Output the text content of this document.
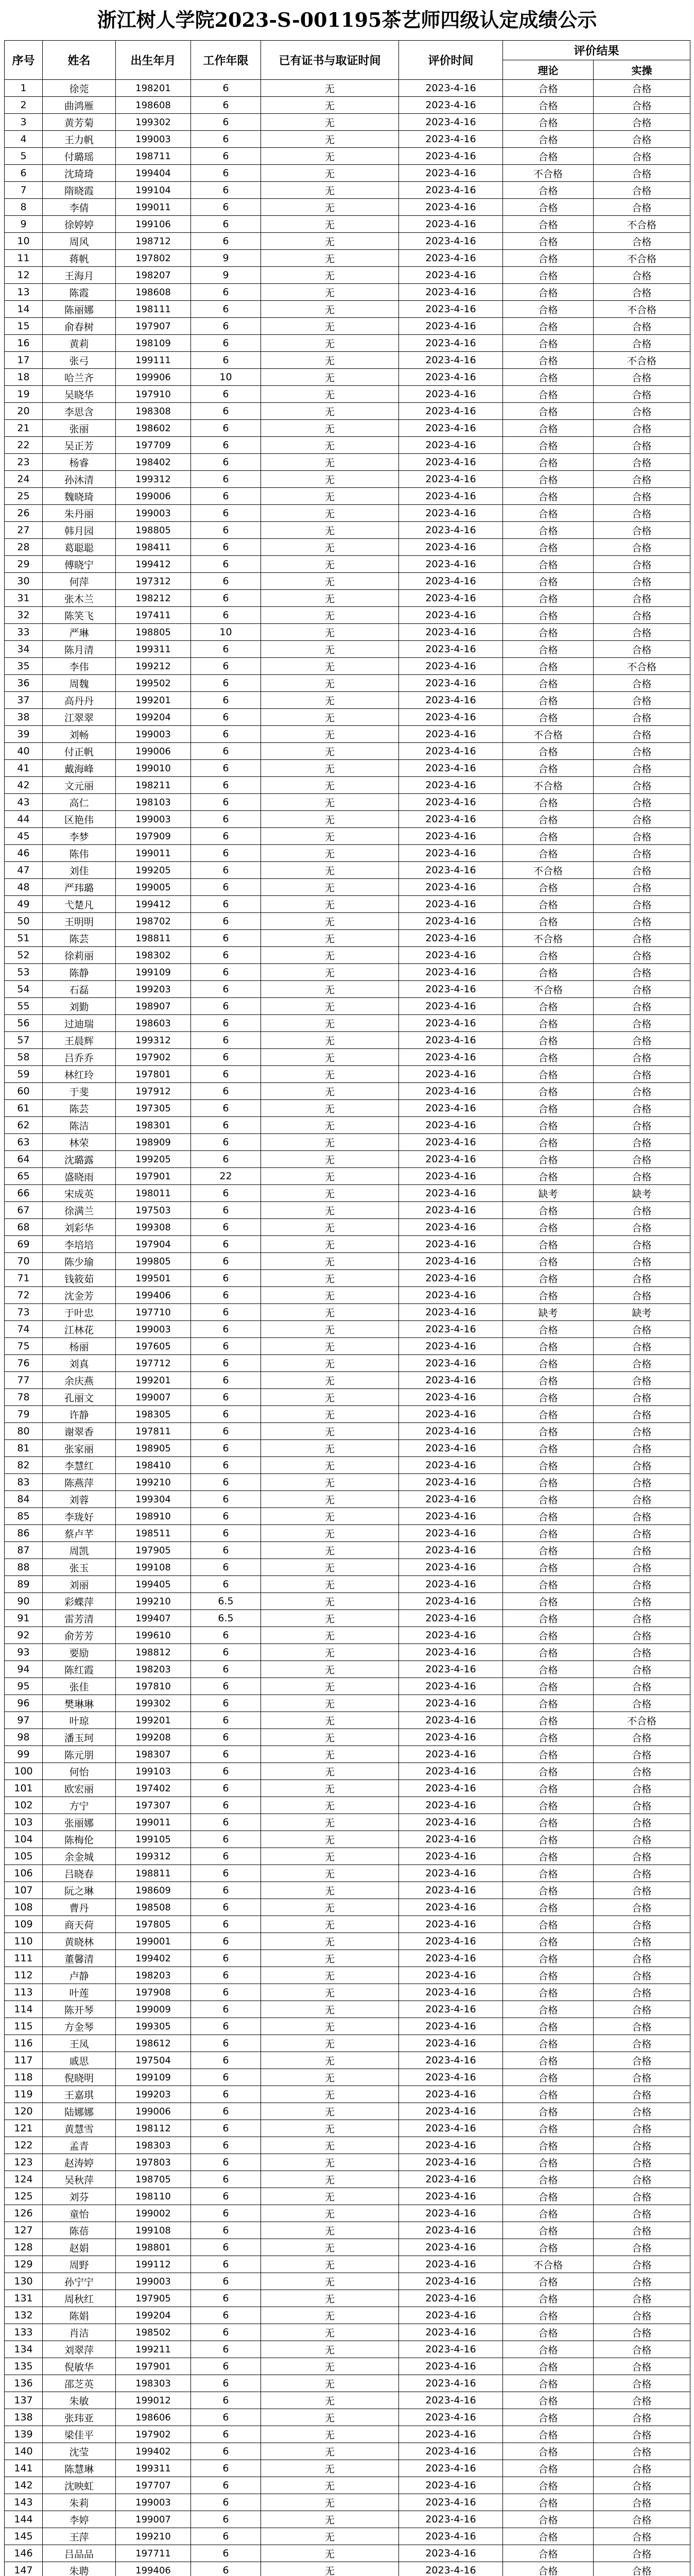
浙江树人学院2023-S-001195茶艺师四级认定成绩公示
序号	姓名	出生年月	工作年限	已有证书与取证时间	评价时间	评价结果	
						理论	实操
1	徐莞	198201	6	无	2023-4-16	合格	合格
2	曲鸿雁	198608	6	无	2023-4-16	合格	合格
3	黄芳菊	199302	6	无	2023-4-16	合格	合格
4	王力帆	199003	6	无	2023-4-16	合格	合格
5	付璐瑶	198711	6	无	2023-4-16	合格	合格
6	沈琦琦	199404	6	无	2023-4-16	不合格	合格
7	隋晓霞	199104	6	无	2023-4-16	合格	合格
8	李倩	199011	6	无	2023-4-16	合格	合格
9	徐婷婷	199106	6	无	2023-4-16	合格	不合格
10	周风	198712	6	无	2023-4-16	合格	合格
11	蒋帆	197802	9	无	2023-4-16	合格	不合格
12	王海月	198207	9	无	2023-4-16	合格	合格
13	陈霞	198608	6	无	2023-4-16	合格	合格
14	陈丽娜	198111	6	无	2023-4-16	合格	不合格
15	俞春树	197907	6	无	2023-4-16	合格	合格
16	黄莉	198109	6	无	2023-4-16	合格	合格
17	张弓	199111	6	无	2023-4-16	合格	不合格
18	哈兰齐	199906	10	无	2023-4-16	合格	合格
19	吴晓华	197910	6	无	2023-4-16	合格	合格
20	李思含	198308	6	无	2023-4-16	合格	合格
21	张丽	198602	6	无	2023-4-16	合格	合格
22	吴正芳	197709	6	无	2023-4-16	合格	合格
23	杨睿	198402	6	无	2023-4-16	合格	合格
24	孙沐清	199312	6	无	2023-4-16	合格	合格
25	魏晓琦	199006	6	无	2023-4-16	合格	合格
26	朱丹丽	199003	6	无	2023-4-16	合格	合格
27	韩月园	198805	6	无	2023-4-16	合格	合格
28	葛聪聪	198411	6	无	2023-4-16	合格	合格
29	傅晓宁	199412	6	无	2023-4-16	合格	合格
30	何萍	197312	6	无	2023-4-16	合格	合格
31	张木兰	198212	6	无	2023-4-16	合格	合格
32	陈笑飞	197411	6	无	2023-4-16	合格	合格
33	严琳	198805	10	无	2023-4-16	合格	合格
34	陈月清	199311	6	无	2023-4-16	合格	合格
35	李伟	199212	6	无	2023-4-16	合格	不合格
36	周魏	199502	6	无	2023-4-16	合格	合格
37	高丹丹	199201	6	无	2023-4-16	合格	合格
38	江翠翠	199204	6	无	2023-4-16	合格	合格
39	刘畅	199003	6	无	2023-4-16	不合格	合格
40	付正帆	199006	6	无	2023-4-16	合格	合格
41	戴海峰	199010	6	无	2023-4-16	合格	合格
42	文元丽	198211	6	无	2023-4-16	不合格	合格
43	高仁	198103	6	无	2023-4-16	合格	合格
44	区艳伟	199003	6	无	2023-4-16	合格	合格
45	李梦	197909	6	无	2023-4-16	合格	合格
46	陈伟	199011	6	无	2023-4-16	合格	合格
47	刘佳	199205	6	无	2023-4-16	不合格	合格
48	严玮璐	199005	6	无	2023-4-16	合格	合格
49	弋楚凡	199412	6	无	2023-4-16	合格	合格
50	王明明	198702	6	无	2023-4-16	合格	合格
51	陈芸	198811	6	无	2023-4-16	不合格	合格
52	徐莉丽	198302	6	无	2023-4-16	合格	合格
53	陈静	199109	6	无	2023-4-16	合格	合格
54	石磊	199203	6	无	2023-4-16	不合格	合格
55	刘勤	198907	6	无	2023-4-16	合格	合格
56	过迪瑞	198603	6	无	2023-4-16	合格	合格
57	王晨辉	199312	6	无	2023-4-16	合格	合格
58	吕乔乔	197902	6	无	2023-4-16	合格	合格
59	林红玲	197801	6	无	2023-4-16	合格	合格
60	于斐	197912	6	无	2023-4-16	合格	合格
61	陈芸	197305	6	无	2023-4-16	合格	合格
62	陈洁	198301	6	无	2023-4-16	合格	合格
63	林荣	198909	6	无	2023-4-16	合格	合格
64	沈璐露	199205	6	无	2023-4-16	合格	合格
65	盛晓雨	197901	22	无	2023-4-16	合格	合格
66	宋成英	198011	6	无	2023-4-16	缺考	缺考
67	徐满兰	197503	6	无	2023-4-16	合格	合格
68	刘彩华	199308	6	无	2023-4-16	合格	合格
69	李培培	197904	6	无	2023-4-16	合格	合格
70	陈少瑜	199805	6	无	2023-4-16	合格	合格
71	钱筱茹	199501	6	无	2023-4-16	合格	合格
72	沈金芳	199406	6	无	2023-4-16	合格	合格
73	于叶忠	197710	6	无	2023-4-16	缺考	缺考
74	江林花	199003	6	无	2023-4-16	合格	合格
75	杨丽	197605	6	无	2023-4-16	合格	合格
76	刘真	197712	6	无	2023-4-16	合格	合格
77	余庆燕	199201	6	无	2023-4-16	合格	合格
78	孔丽文	199007	6	无	2023-4-16	合格	合格
79	许静	198305	6	无	2023-4-16	合格	合格
80	谢翠香	197811	6	无	2023-4-16	合格	合格
81	张家丽	198905	6	无	2023-4-16	合格	合格
82	李慧红	198410	6	无	2023-4-16	合格	合格
83	陈燕萍	199210	6	无	2023-4-16	合格	合格
84	刘蓉	199304	6	无	2023-4-16	合格	合格
85	李珑好	198910	6	无	2023-4-16	合格	合格
86	蔡卢芊	198511	6	无	2023-4-16	合格	合格
87	周凯	197905	6	无	2023-4-16	合格	合格
88	张玉	199108	6	无	2023-4-16	合格	合格
89	刘丽	199405	6	无	2023-4-16	合格	合格
90	彩蝶萍	199210	6.5	无	2023-4-16	合格	合格
91	雷芳清	199407	6.5	无	2023-4-16	合格	合格
92	俞芳芳	199610	6	无	2023-4-16	合格	合格
93	要励	198812	6	无	2023-4-16	合格	合格
94	陈红霞	198203	6	无	2023-4-16	合格	合格
95	张佳	197810	6	无	2023-4-16	合格	合格
96	樊琳琳	199302	6	无	2023-4-16	合格	合格
97	叶琼	199201	6	无	2023-4-16	合格	不合格
98	潘玉珂	199208	6	无	2023-4-16	合格	合格
99	陈元朋	198307	6	无	2023-4-16	合格	合格
100	何怡	199103	6	无	2023-4-16	合格	合格
101	欧宏丽	197402	6	无	2023-4-16	合格	合格
102	方宁	197307	6	无	2023-4-16	合格	合格
103	张丽娜	199011	6	无	2023-4-16	合格	合格
104	陈梅伦	199105	6	无	2023-4-16	合格	合格
105	余金城	199312	6	无	2023-4-16	合格	合格
106	吕晓春	198811	6	无	2023-4-16	合格	合格
107	阮之琳	198609	6	无	2023-4-16	合格	合格
108	曹丹	198508	6	无	2023-4-16	合格	合格
109	商天荷	197805	6	无	2023-4-16	合格	合格
110	黄晓林	199001	6	无	2023-4-16	合格	合格
111	董馨清	199402	6	无	2023-4-16	合格	合格
112	卢静	198203	6	无	2023-4-16	合格	合格
113	叶莲	197908	6	无	2023-4-16	合格	合格
114	陈开琴	199009	6	无	2023-4-16	合格	合格
115	方金琴	199305	6	无	2023-4-16	合格	合格
116	王凤	198612	6	无	2023-4-16	合格	合格
117	戚思	197504	6	无	2023-4-16	合格	合格
118	倪晓明	199109	6	无	2023-4-16	合格	合格
119	王嘉琪	199203	6	无	2023-4-16	合格	合格
120	陆娜娜	199006	6	无	2023-4-16	合格	合格
121	黄慧雪	198112	6	无	2023-4-16	合格	合格
122	孟青	198303	6	无	2023-4-16	合格	合格
123	赵涛婷	197803	6	无	2023-4-16	合格	合格
124	吴秋萍	198705	6	无	2023-4-16	合格	合格
125	刘芬	198110	6	无	2023-4-16	合格	合格
126	童怡	199002	6	无	2023-4-16	合格	合格
127	陈蓓	199108	6	无	2023-4-16	合格	合格
128	赵娟	198801	6	无	2023-4-16	合格	合格
129	周野	199112	6	无	2023-4-16	不合格	合格
130	孙宁宁	199003	6	无	2023-4-16	合格	合格
131	周秋红	197905	6	无	2023-4-16	合格	合格
132	陈娟	199204	6	无	2023-4-16	合格	合格
133	肖洁	198502	6	无	2023-4-16	合格	合格
134	刘翠萍	199211	6	无	2023-4-16	合格	合格
135	倪敏华	197901	6	无	2023-4-16	合格	合格
136	邵芝英	198303	6	无	2023-4-16	合格	合格
137	朱敏	199012	6	无	2023-4-16	合格	合格
138	张玮亚	198606	6	无	2023-4-16	合格	合格
139	梁佳平	197902	6	无	2023-4-16	合格	合格
140	沈莹	199402	6	无	2023-4-16	合格	合格
141	陈慧琳	199311	6	无	2023-4-16	合格	合格
142	沈映虹	197707	6	无	2023-4-16	合格	合格
143	朱莉	199003	6	无	2023-4-16	合格	合格
144	李婷	199007	6	无	2023-4-16	合格	合格
145	王萍	199210	6	无	2023-4-16	合格	合格
146	吕品品	197711	6	无	2023-4-16	合格	合格
147	朱聘	199406	6	无	2023-4-16	合格	合格
